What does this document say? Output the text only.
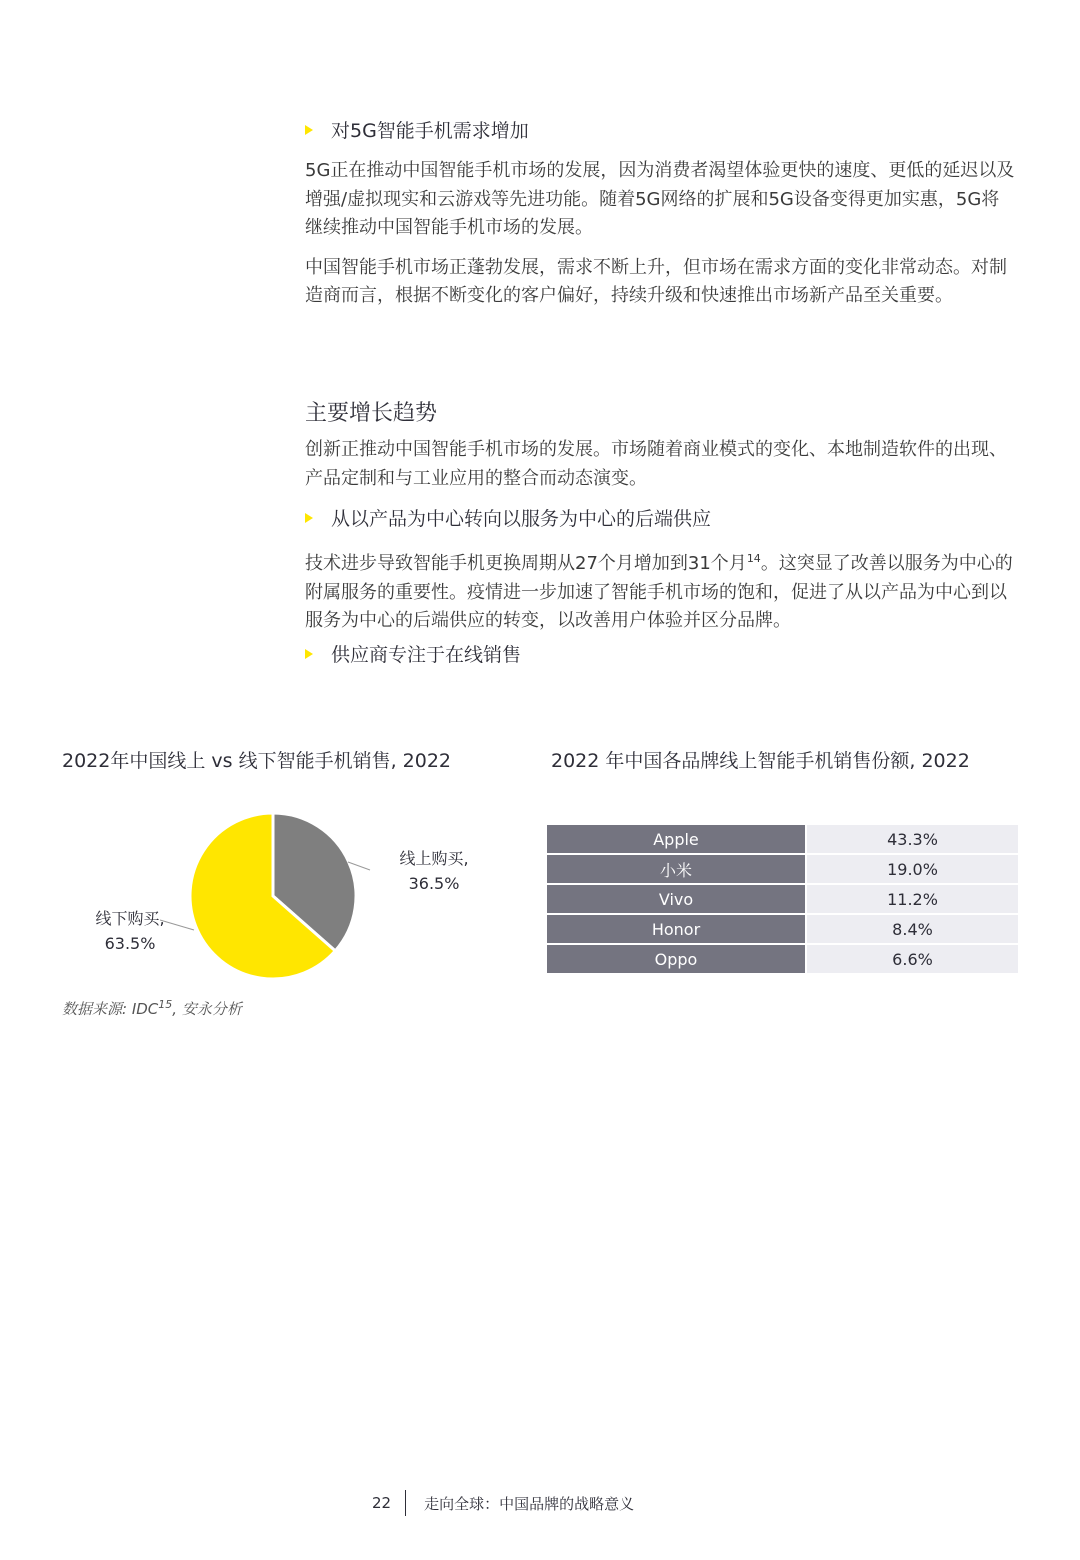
对5G智能手机需求增加

5G正在推动中国智能手机市场的发展，因为消费者渴望体验更快的速度、更低的延迟以及增强/虚拟现实和云游戏等先进功能。随着5G网络的扩展和5G设备变得更加实惠，5G将继续推动中国智能手机市场的发展。

中国智能手机市场正蓬勃发展，需求不断上升，但市场在需求方面的变化非常动态。对制造商而言，根据不断变化的客户偏好，持续升级和快速推出市场新产品至关重要。

主要增长趋势

创新正推动中国智能手机市场的发展。市场随着商业模式的变化、本地制造软件的出现、产品定制和与工业应用的整合而动态演变。

从以产品为中心转向以服务为中心的后端供应

技术进步导致智能手机更换周期从27个月增加到31个月$^{14}$。这突显了改善以服务为中心的附属服务的重要性。疫情进一步加速了智能手机市场的饱和，促进了从以产品为中心到以服务为中心的后端供应的转变，以改善用户体验并区分品牌。

供应商专注于在线销售
2022年中国线上 vs 线下智能手机销售, 2022
线上购买,
36.5%
线下购买,
63.5%
2022 年中国各品牌线上智能手机销售份额, 2022
Apple	43.3%
小米	19.0%
Vivo	11.2%
Honor	8.4%
Oppo	6.6%
数据来源: IDC$^{15}$, 安永分析
22 走向全球：中国品牌的战略意义
